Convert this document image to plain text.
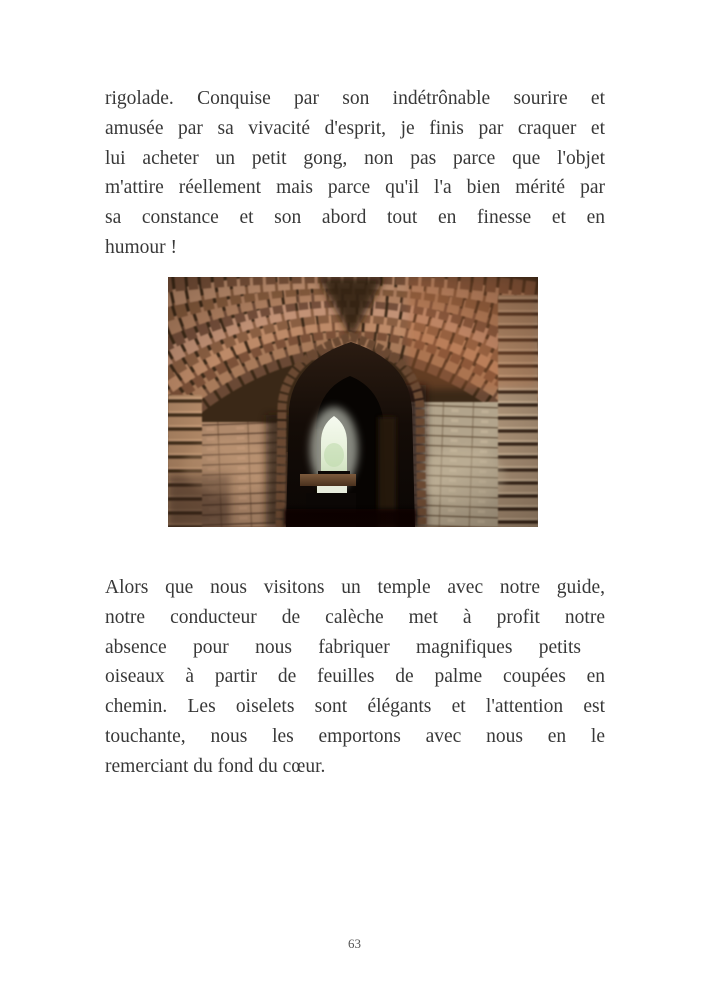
rigolade. Conquise par son indétrônable sourire et
amusée par sa vivacité d'esprit, je finis par craquer et
lui acheter un petit gong, non pas parce que l'objet
m'attire réellement mais parce qu'il l'a bien mérité par
sa constance et son abord tout en finesse et en
humour !
Alors que nous visitons un temple avec notre guide,
notre conducteur de calèche met à profit notre
absence pour nous fabriquer magnifiques petits
oiseaux à partir de feuilles de palme coupées en
chemin. Les oiselets sont élégants et l'attention est
touchante, nous les emportons avec nous en le
remerciant du fond du cœur.
63
